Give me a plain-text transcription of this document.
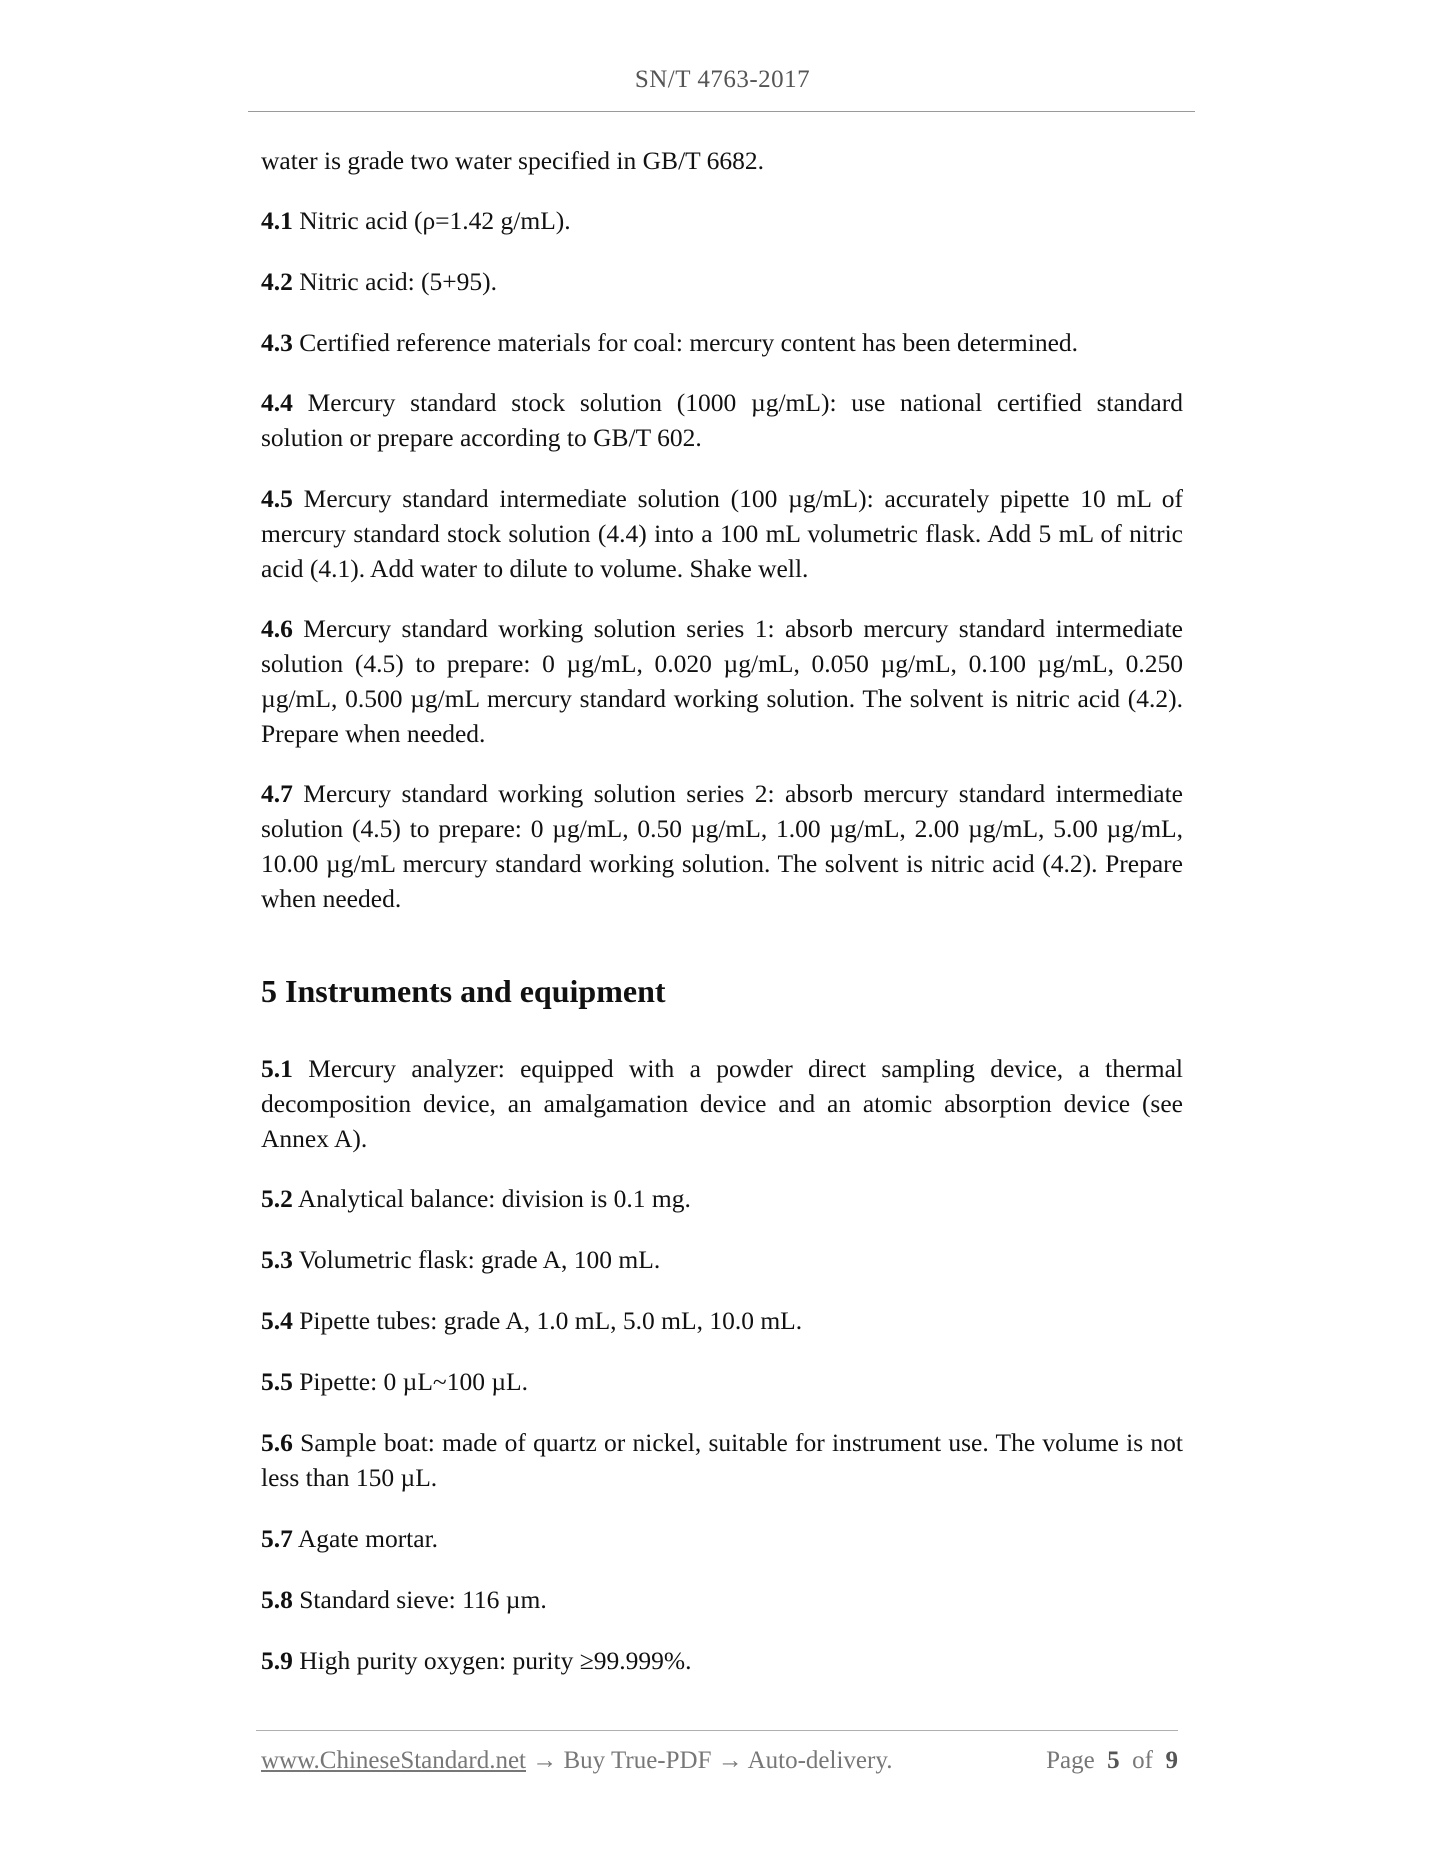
SN/T 4763-2017

water is grade two water specified in GB/T 6682.

4.1 Nitric acid (ρ=1.42 g/mL).

4.2 Nitric acid: (5+95).

4.3 Certified reference materials for coal: mercury content has been determined.

4.4 Mercury standard stock solution (1000 µg/mL): use national certified standard solution or prepare according to GB/T 602.

4.5 Mercury standard intermediate solution (100 µg/mL): accurately pipette 10 mL of mercury standard stock solution (4.4) into a 100 mL volumetric flask. Add 5 mL of nitric acid (4.1). Add water to dilute to volume. Shake well.

4.6 Mercury standard working solution series 1: absorb mercury standard intermediate solution (4.5) to prepare: 0 µg/mL, 0.020 µg/mL, 0.050 µg/mL, 0.100 µg/mL, 0.250 µg/mL, 0.500 µg/mL mercury standard working solution. The solvent is nitric acid (4.2). Prepare when needed.

4.7 Mercury standard working solution series 2: absorb mercury standard intermediate solution (4.5) to prepare: 0 µg/mL, 0.50 µg/mL, 1.00 µg/mL, 2.00 µg/mL, 5.00 µg/mL, 10.00 µg/mL mercury standard working solution. The solvent is nitric acid (4.2). Prepare when needed.

5 Instruments and equipment

5.1 Mercury analyzer: equipped with a powder direct sampling device, a thermal decomposition device, an amalgamation device and an atomic absorption device (see Annex A).

5.2 Analytical balance: division is 0.1 mg.

5.3 Volumetric flask: grade A, 100 mL.

5.4 Pipette tubes: grade A, 1.0 mL, 5.0 mL, 10.0 mL.

5.5 Pipette: 0 µL~100 µL.

5.6 Sample boat: made of quartz or nickel, suitable for instrument use. The volume is not less than 150 µL.

5.7 Agate mortar.

5.8 Standard sieve: 116 µm.

5.9 High purity oxygen: purity ≥99.999%.

www.ChineseStandard.net → Buy True-PDF → Auto-delivery.	Page 5 of 9
